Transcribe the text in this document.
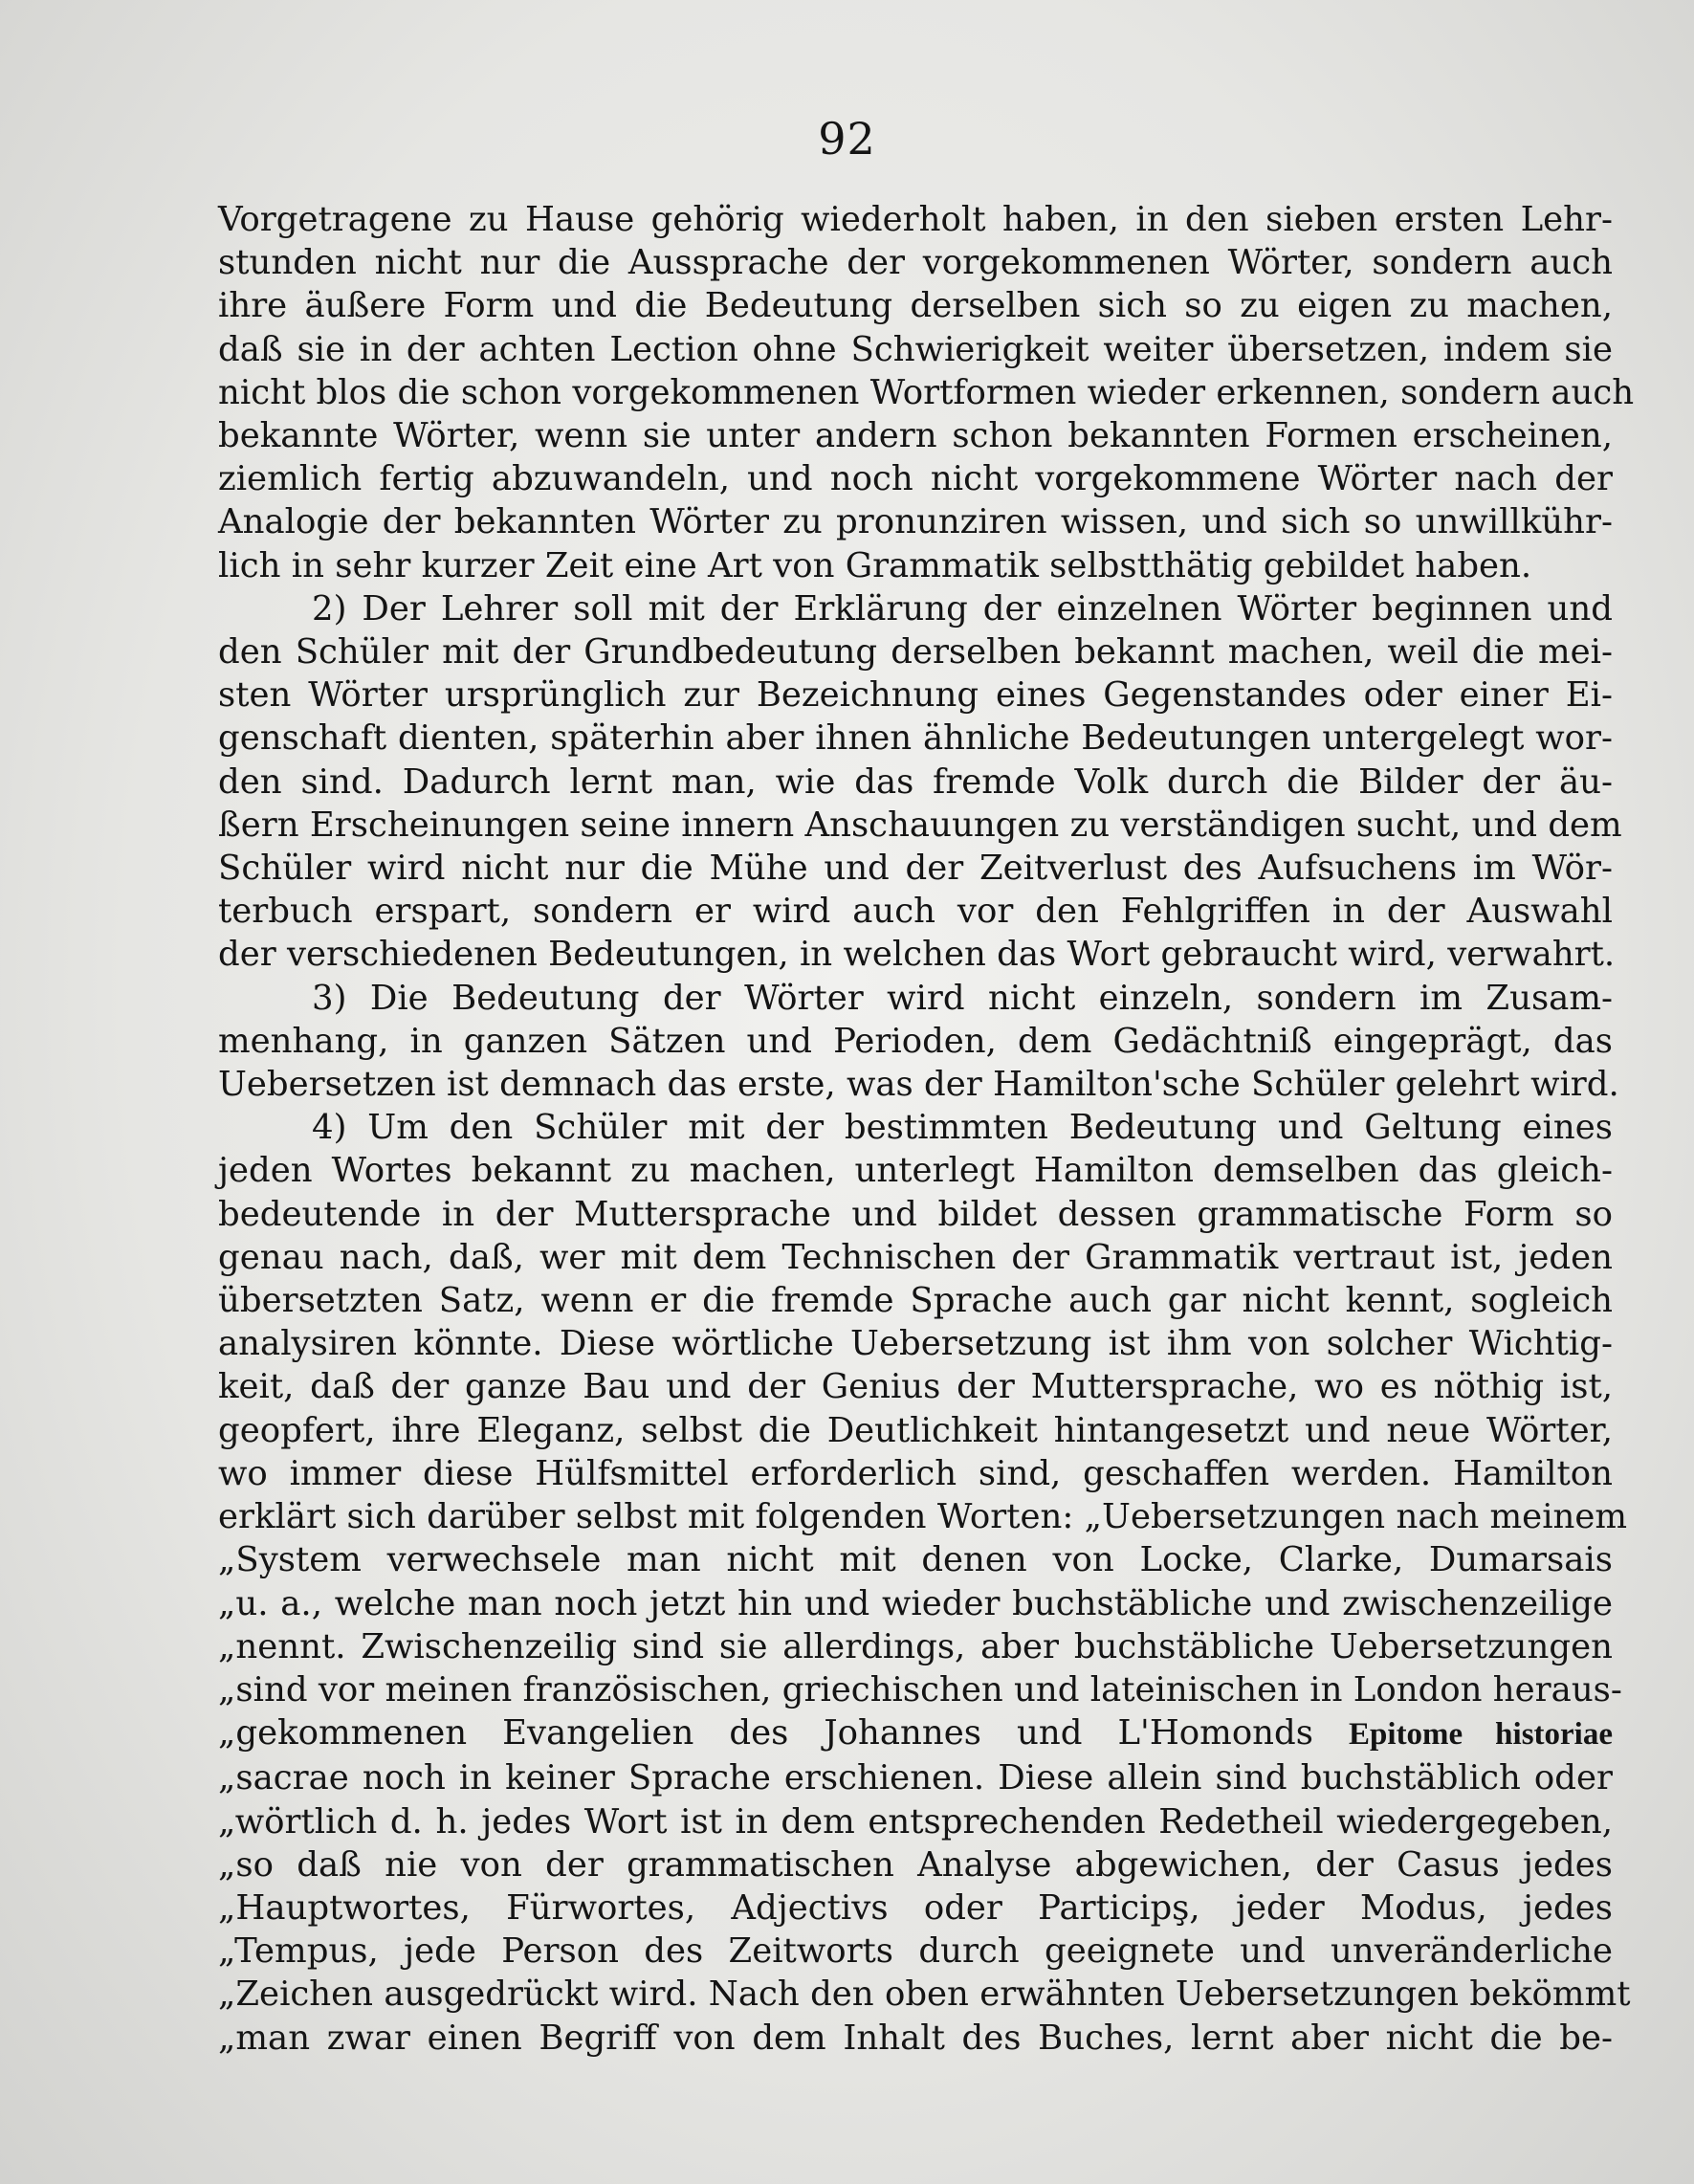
92
Vorgetragene zu Hause gehörig wiederholt haben, in den sieben ersten Lehr-
stunden nicht nur die Aussprache der vorgekommenen Wörter, sondern auch
ihre äußere Form und die Bedeutung derselben sich so zu eigen zu machen,
daß sie in der achten Lection ohne Schwierigkeit weiter übersetzen, indem sie
nicht blos die schon vorgekommenen Wortformen wieder erkennen, sondern auch
bekannte Wörter, wenn sie unter andern schon bekannten Formen erscheinen,
ziemlich fertig abzuwandeln, und noch nicht vorgekommene Wörter nach der
Analogie der bekannten Wörter zu pronunziren wissen, und sich so unwillkühr-
lich in sehr kurzer Zeit eine Art von Grammatik selbstthätig gebildet haben.
2) Der Lehrer soll mit der Erklärung der einzelnen Wörter beginnen und
den Schüler mit der Grundbedeutung derselben bekannt machen, weil die mei-
sten Wörter ursprünglich zur Bezeichnung eines Gegenstandes oder einer Ei-
genschaft dienten, späterhin aber ihnen ähnliche Bedeutungen untergelegt wor-
den sind. Dadurch lernt man, wie das fremde Volk durch die Bilder der äu-
ßern Erscheinungen seine innern Anschauungen zu verständigen sucht, und dem
Schüler wird nicht nur die Mühe und der Zeitverlust des Aufsuchens im Wör-
terbuch erspart, sondern er wird auch vor den Fehlgriffen in der Auswahl
der verschiedenen Bedeutungen, in welchen das Wort gebraucht wird, verwahrt.
3) Die Bedeutung der Wörter wird nicht einzeln, sondern im Zusam-
menhang, in ganzen Sätzen und Perioden, dem Gedächtniß eingeprägt, das
Uebersetzen ist demnach das erste, was der Hamilton'sche Schüler gelehrt wird.
4) Um den Schüler mit der bestimmten Bedeutung und Geltung eines
jeden Wortes bekannt zu machen, unterlegt Hamilton demselben das gleich-
bedeutende in der Muttersprache und bildet dessen grammatische Form so
genau nach, daß, wer mit dem Technischen der Grammatik vertraut ist, jeden
übersetzten Satz, wenn er die fremde Sprache auch gar nicht kennt, sogleich
analysiren könnte. Diese wörtliche Uebersetzung ist ihm von solcher Wichtig-
keit, daß der ganze Bau und der Genius der Muttersprache, wo es nöthig ist,
geopfert, ihre Eleganz, selbst die Deutlichkeit hintangesetzt und neue Wörter,
wo immer diese Hülfsmittel erforderlich sind, geschaffen werden. Hamilton
erklärt sich darüber selbst mit folgenden Worten: „Uebersetzungen nach meinem
„System verwechsele man nicht mit denen von Locke, Clarke, Dumarsais
„u. a., welche man noch jetzt hin und wieder buchstäbliche und zwischenzeilige
„nennt. Zwischenzeilig sind sie allerdings, aber buchstäbliche Uebersetzungen
„sind vor meinen französischen, griechischen und lateinischen in London heraus-
„gekommenen Evangelien des Johannes und L'Homonds Epitome historiae
„sacrae noch in keiner Sprache erschienen. Diese allein sind buchstäblich oder
„wörtlich d. h. jedes Wort ist in dem entsprechenden Redetheil wiedergegeben,
„so daß nie von der grammatischen Analyse abgewichen, der Casus jedes
„Hauptwortes, Fürwortes, Adjectivs oder Participş, jeder Modus, jedes
„Tempus, jede Person des Zeitworts durch geeignete und unveränderliche
„Zeichen ausgedrückt wird. Nach den oben erwähnten Uebersetzungen bekömmt
„man zwar einen Begriff von dem Inhalt des Buches, lernt aber nicht die be-
